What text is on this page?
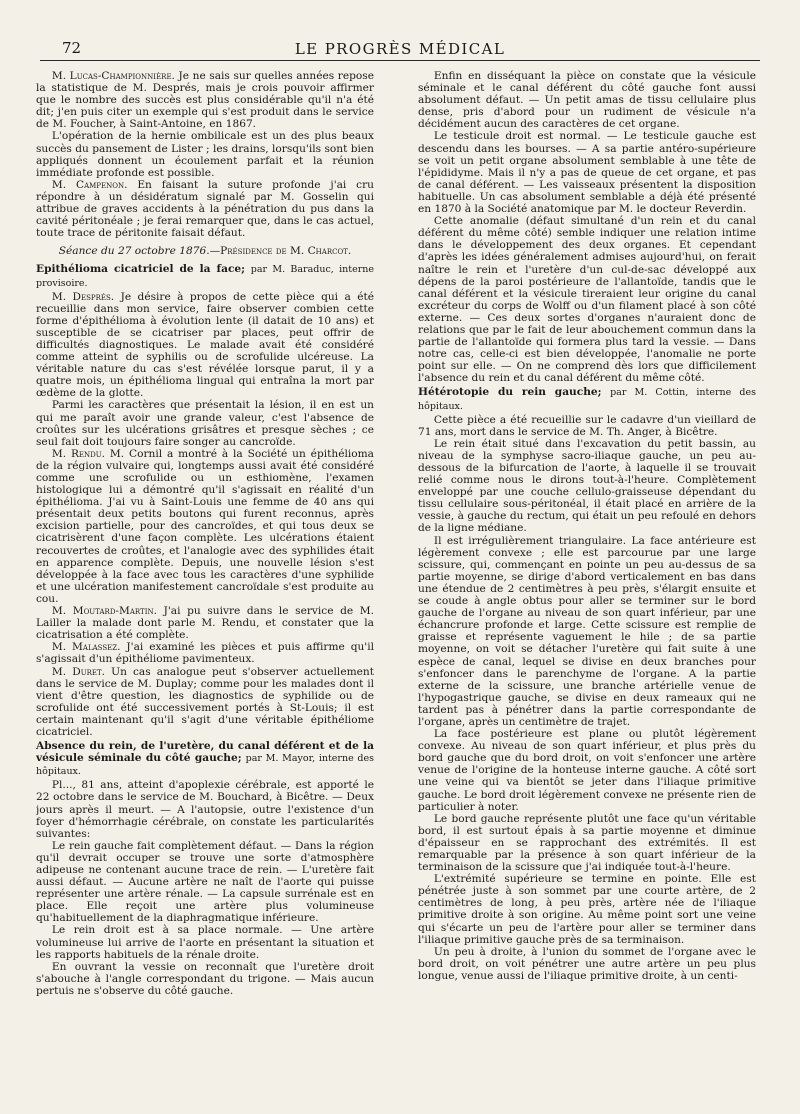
72	LE PROGRÈS MÉDICAL

M. Lucas-Championnière. Je ne sais sur quelles années repose la statistique de M. Després, mais je crois pouvoir affirmer que le nombre des succès est plus considérable qu'il n'a été dit; j'en puis citer un exemple qui s'est produit dans le service de M. Foucher, à Saint-Antoine, en 1867.

L'opération de la hernie ombilicale est un des plus beaux succès du pansement de Lister ; les drains, lorsqu'ils sont bien appliqués donnent un écoulement parfait et la réunion immédiate profonde est possible.

M. Campenon. En faisant la suture profonde j'ai cru répondre à un désidératum signalé par M. Gosselin qui attribue de graves accidents à la pénétration du pus dans la cavité péritonéale ; je ferai remarquer que, dans le cas actuel, toute trace de péritonite faisait défaut.

Séance du 27 octobre 1876.—Présidence de M. Charcot.

Epithélioma cicatriciel de la face; par M. Baraduc, interne provisoire.

M. Després. Je désire à propos de cette pièce qui a été recueillie dans mon service, faire observer combien cette forme d'épithélioma à évolution lente (il datait de 10 ans) et susceptible de se cicatriser par places, peut offrir de difficultés diagnostiques. Le malade avait été considéré comme atteint de syphilis ou de scrofulide ulcéreuse. La véritable nature du cas s'est révélée lorsque parut, il y a quatre mois, un épithélioma lingual qui entraîna la mort par œdème de la glotte.

Parmi les caractères que présentait la lésion, il en est un qui me paraît avoir une grande valeur, c'est l'absence de croûtes sur les ulcérations grisâtres et presque sèches ; ce seul fait doit toujours faire songer au cancroïde.

M. Rendu. M. Cornil a montré à la Société un épithélioma de la région vulvaire qui, longtemps aussi avait été considéré comme une scrofulide ou un esthiomène, l'examen histologique lui a démontré qu'il s'agissait en réalité d'un épithélioma. J'ai vu à Saint-Louis une femme de 40 ans qui présentait deux petits boutons qui furent reconnus, après excision partielle, pour des cancroïdes, et qui tous deux se cicatrisèrent d'une façon complète. Les ulcérations étaient recouvertes de croûtes, et l'analogie avec des syphilides était en apparence complète. Depuis, une nouvelle lésion s'est développée à la face avec tous les caractères d'une syphilide et une ulcération manifestement cancroïdale s'est produite au cou.

M. Moutard-Martin. J'ai pu suivre dans le service de M. Lailler la malade dont parle M. Rendu, et constater que la cicatrisation a été complète.

M. Malassez. J'ai examiné les pièces et puis affirme qu'il s'agissait d'un épithéliome pavimenteux.

M. Duret. Un cas analogue peut s'observer actuellement dans le service de M. Duplay; comme pour les malades dont il vient d'être question, les diagnostics de syphilide ou de scrofulide ont été successivement portés à St-Louis; il est certain maintenant qu'il s'agit d'une véritable épithéliome cicatriciel.

Absence du rein, de l'uretère, du canal déférent et de la vésicule séminale du côté gauche; par M. Mayor, interne des hôpitaux.

Pl..., 81 ans, atteint d'apoplexie cérébrale, est apporté le 22 octobre dans le service de M. Bouchard, à Bicêtre. — Deux jours après il meurt. — A l'autopsie, outre l'existence d'un foyer d'hémorrhagie cérébrale, on constate les particularités suivantes:

Le rein gauche fait complètement défaut. — Dans la région qu'il devrait occuper se trouve une sorte d'atmosphère adipeuse ne contenant aucune trace de rein. — L'uretère fait aussi défaut. — Aucune artère ne naît de l'aorte qui puisse représenter une artère rénale. — La capsule surrénale est en place. Elle reçoit une artère plus volumineuse qu'habituellement de la diaphragmatique inférieure.

Le rein droit est à sa place normale. — Une artère volumineuse lui arrive de l'aorte en présentant la situation et les rapports habituels de la rénale droite.

En ouvrant la vessie on reconnaît que l'uretère droit s'abouche à l'angle correspondant du trigone. — Mais aucun pertuis ne s'observe du côté gauche.

Enfin en disséquant la pièce on constate que la vésicule séminale et le canal déférent du côté gauche font aussi absolument défaut. — Un petit amas de tissu cellulaire plus dense, pris d'abord pour un rudiment de vésicule n'a décidément aucun des caractères de cet organe.

Le testicule droit est normal. — Le testicule gauche est descendu dans les bourses. — A sa partie antéro-supérieure se voit un petit organe absolument semblable à une tête de l'épididyme. Mais il n'y a pas de queue de cet organe, et pas de canal déférent. — Les vaisseaux présentent la disposition habituelle. Un cas absolument semblable a déjà été présenté en 1870 à la Société anatomique par M. le docteur Reverdin.

Cette anomalie (défaut simultané d'un rein et du canal déférent du même côté) semble indiquer une relation intime dans le développement des deux organes. Et cependant d'après les idées généralement admises aujourd'hui, on ferait naître le rein et l'uretère d'un cul-de-sac développé aux dépens de la paroi postérieure de l'allantoïde, tandis que le canal déférent et la vésicule tireraient leur origine du canal excréteur du corps de Wolff ou d'un filament placé à son côté externe. — Ces deux sortes d'organes n'auraient donc de relations que par le fait de leur abouchement commun dans la partie de l'allantoïde qui formera plus tard la vessie. — Dans notre cas, celle-ci est bien développée, l'anomalie ne porte point sur elle. — On ne comprend dès lors que difficilement l'absence du rein et du canal déférent du même côté.

Hétérotopie du rein gauche; par M. Cottin, interne des hôpitaux.

Cette pièce a été recueillie sur le cadavre d'un vieillard de 71 ans, mort dans le service de M. Th. Anger, à Bicêtre.

Le rein était situé dans l'excavation du petit bassin, au niveau de la symphyse sacro-iliaque gauche, un peu au-dessous de la bifurcation de l'aorte, à laquelle il se trouvait relié comme nous le dirons tout-à-l'heure. Complètement enveloppé par une couche cellulo-graisseuse dépendant du tissu cellulaire sous-péritonéal, il était placé en arrière de la vessie, à gauche du rectum, qui était un peu refoulé en dehors de la ligne médiane.

Il est irrégulièrement triangulaire. La face antérieure est légèrement convexe ; elle est parcourue par une large scissure, qui, commençant en pointe un peu au-dessus de sa partie moyenne, se dirige d'abord verticalement en bas dans une étendue de 2 centimètres à peu près, s'élargit ensuite et se coude à angle obtus pour aller se terminer sur le bord gauche de l'organe au niveau de son quart inférieur, par une échancrure profonde et large. Cette scissure est remplie de graisse et représente vaguement le hile ; de sa partie moyenne, on voit se détacher l'uretère qui fait suite à une espèce de canal, lequel se divise en deux branches pour s'enfoncer dans le parenchyme de l'organe. A la partie externe de la scissure, une branche artérielle venue de l'hypogastrique gauche, se divise en deux rameaux qui ne tardent pas à pénétrer dans la partie correspondante de l'organe, après un centimètre de trajet.

La face postérieure est plane ou plutôt légèrement convexe. Au niveau de son quart inférieur, et plus près du bord gauche que du bord droit, on voit s'enfoncer une artère venue de l'origine de la honteuse interne gauche. A côté sort une veine qui va bientôt se jeter dans l'iliaque primitive gauche. Le bord droit légèrement convexe ne présente rien de particulier à noter.

Le bord gauche représente plutôt une face qu'un véritable bord, il est surtout épais à sa partie moyenne et diminue d'épaisseur en se rapprochant des extrémités. Il est remarquable par la présence à son quart inférieur de la terminaison de la scissure que j'ai indiquée tout-à-l'heure.

L'extrémité supérieure se termine en pointe. Elle est pénétrée juste à son sommet par une courte artère, de 2 centimètres de long, à peu près, artère née de l'iliaque primitive droite à son origine. Au même point sort une veine qui s'écarte un peu de l'artère pour aller se terminer dans l'iliaque primitive gauche près de sa terminaison.

Un peu à droite, à l'union du sommet de l'organe avec le bord droit, on voit pénétrer une autre artère un peu plus longue, venue aussi de l'iliaque primitive droite, à un centi-
